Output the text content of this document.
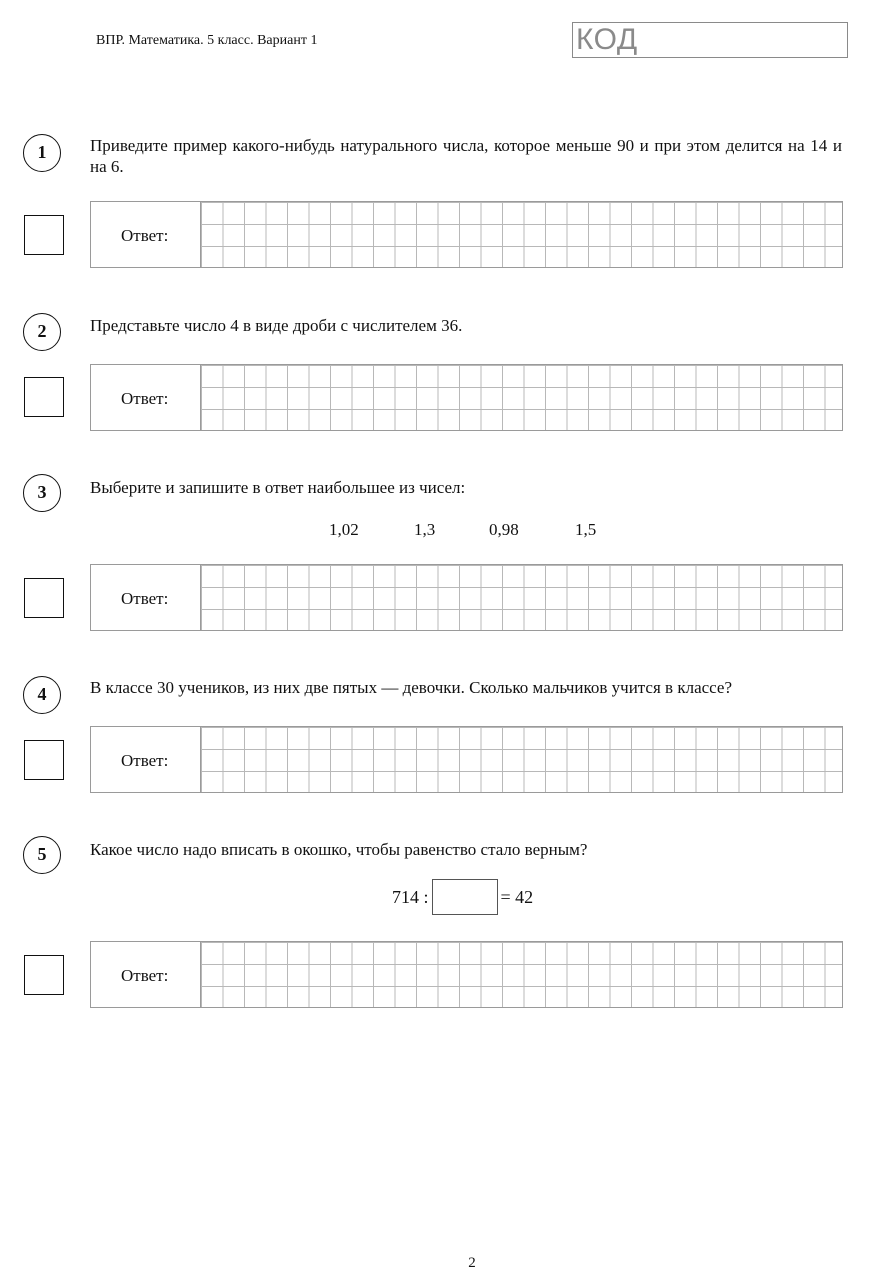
ВПР. Математика. 5 класс. Вариант 1	КОД
1	Приведите пример какого-нибудь натурального числа, которое меньше 90 и при этом делится на 14 и на 6.
Ответ:
2	Представьте число 4 в виде дроби с числителем 36.
Ответ:
3	Выберите и запишите в ответ наибольшее из чисел:
1,02	1,3	0,98	1,5
Ответ:
4	В классе 30 учеников, из них две пятых — девочки. Сколько мальчиков учится в классе?
Ответ:
5	Какое число надо вписать в окошко, чтобы равенство стало верным?
714 :	= 42
Ответ:
2
